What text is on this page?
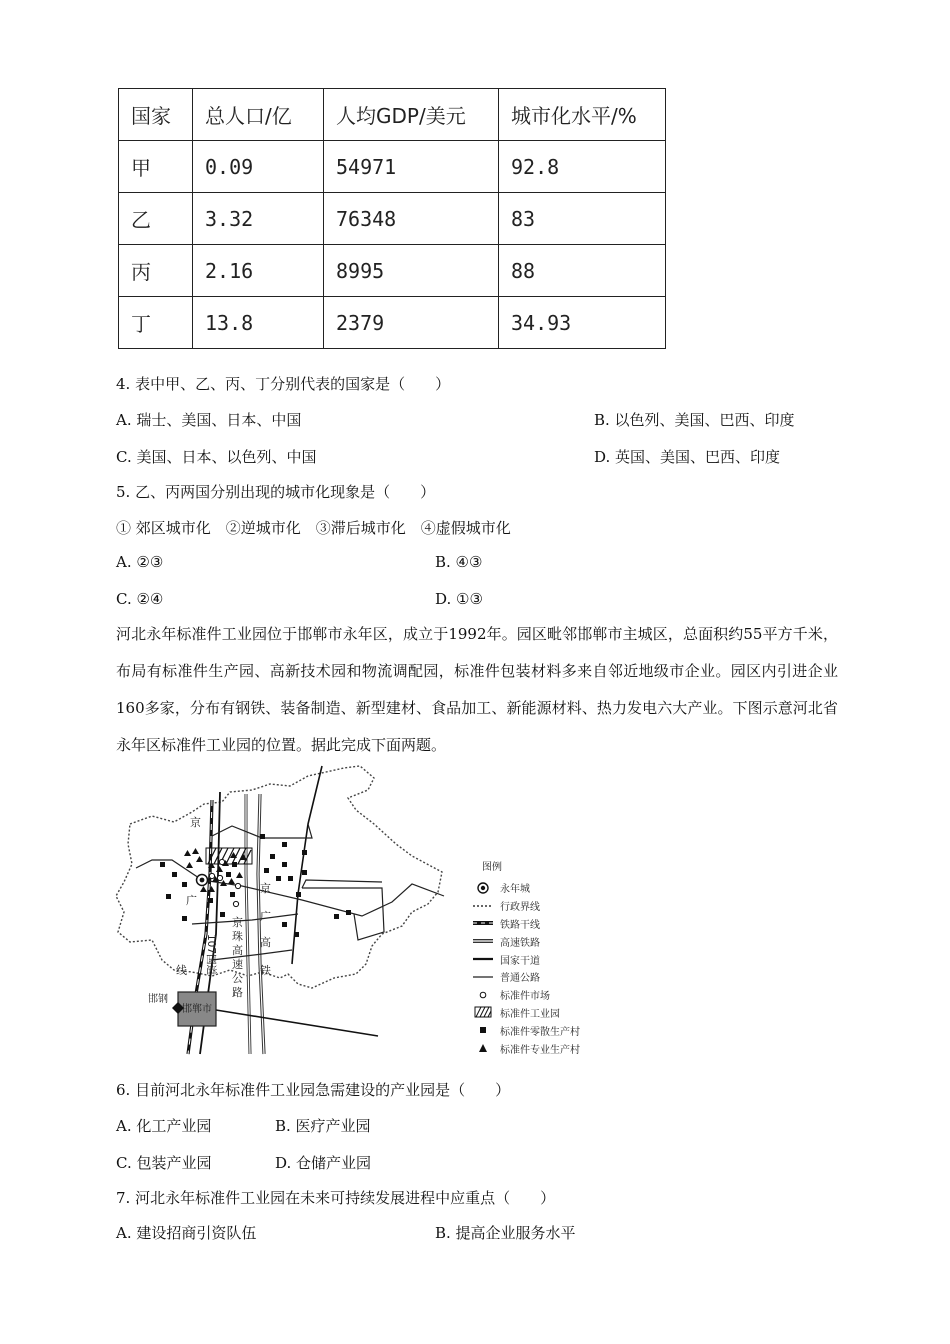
国家	总人口/亿	人均GDP/美元	城市化水平/%
甲	0.09	54971	92.8
乙	3.32	76348	83
丙	2.16	8995	88
丁	13.8	2379	34.93
4. 表中甲、乙、丙、丁分别代表的国家是（　　）
A. 瑞士、美国、日本、中国	B. 以色列、美国、巴西、印度
C. 美国、日本、以色列、中国	D. 英国、美国、巴西、印度
5. 乙、丙两国分别出现的城市化现象是（　　）
① 郊区城市化　②逆城市化　③滞后城市化　④虚假城市化
A. ②③	B. ④③
C. ②④	D. ①③
河北永年标准件工业园位于邯郸市永年区，成立于1992年。园区毗邻邯郸市主城区，总面积约55平方千米，布局有标准件生产园、高新技术园和物流调配园，标准件包装材料多来自邻近地级市企业。园区内引进企业160多家，分布有钢铁、装备制造、新型建材、食品加工、新能源材料、热力发电六大产业。下图示意河北省永年区标准件工业园的位置。据此完成下面两题。
京
广
线
邯钢
邯郸市
107国道
京
珠
高
速
公
路
京
广
高
铁
图例
永年城
行政界线
铁路干线
高速铁路
国家干道
普通公路
标准件市场
标准件工业园
标准件零散生产村
标准件专业生产村
6. 目前河北永年标准件工业园急需建设的产业园是（　　）
A. 化工产业园	B. 医疗产业园
C. 包装产业园	D. 仓储产业园
7. 河北永年标准件工业园在未来可持续发展进程中应重点（　　）
A. 建设招商引资队伍	B. 提高企业服务水平
